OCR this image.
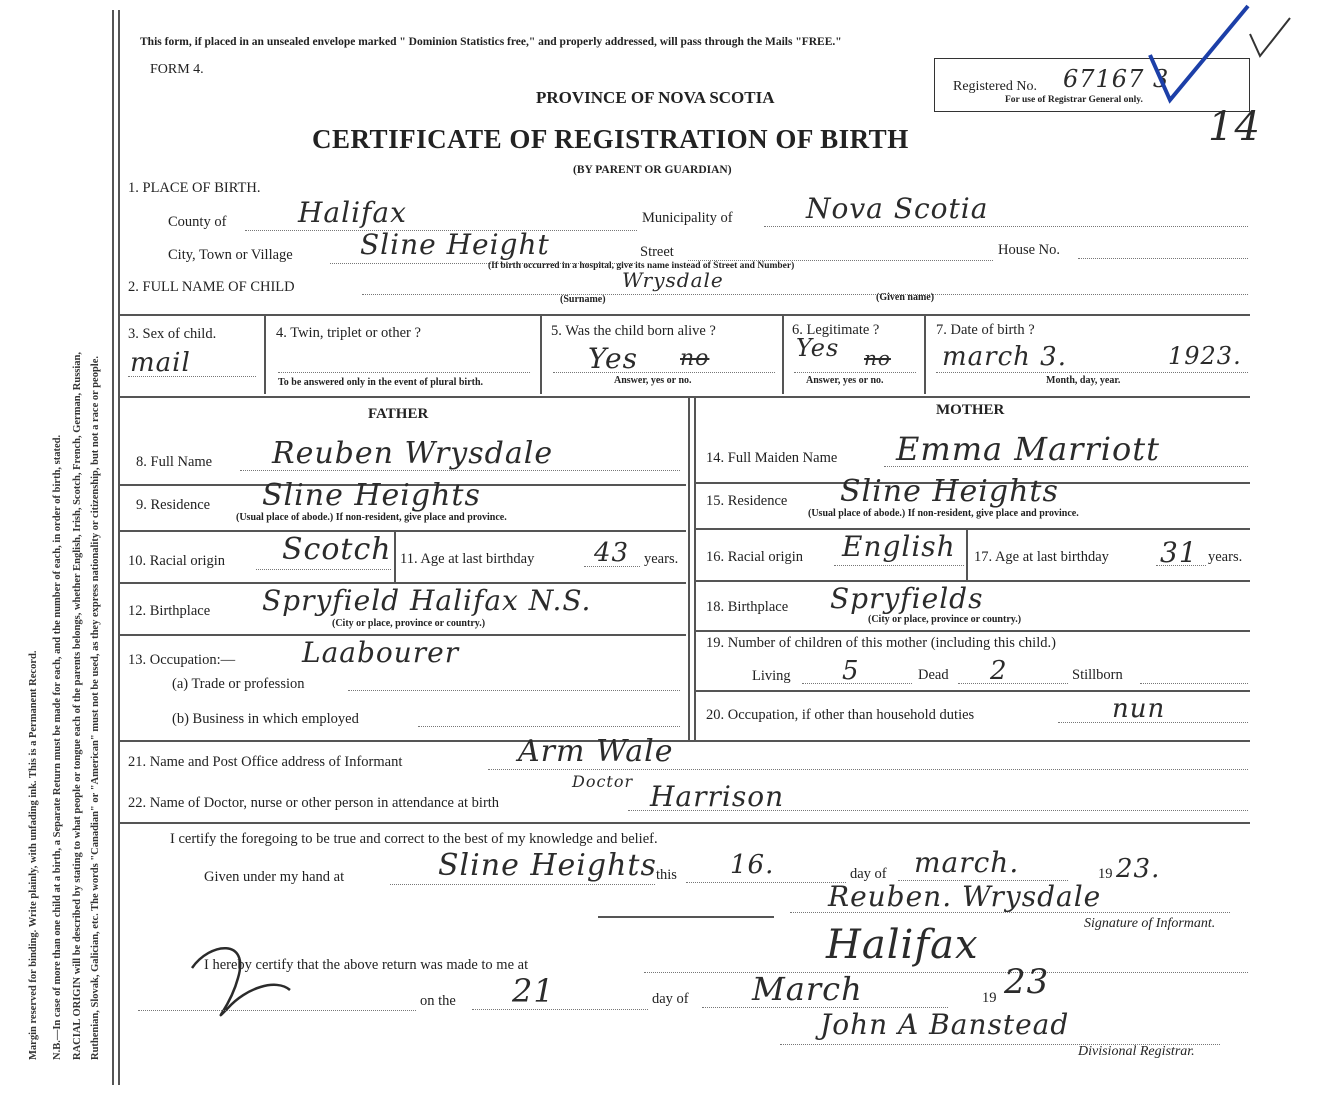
Margin reserved for binding. Write plainly, with unfading ink. This is a Permanent Record. N.B.—In case of more than one child at a birth, a Separate Return must be made for each, and the number of each, in order of birth, stated. RACIAL ORIGIN will be described by stating to what people or tongue each of the parents belongs, whether English, Irish, Scotch, French, German, Russian, Ruthenian, Slovak, Galician, etc. The words "Canadian" or "American" must not be used, as they express nationality or citizenship, but not a race or people.
This form, if placed in an unsealed envelope marked " Dominion Statistics free," and properly addressed, will pass through the Mails "FREE."
FORM 4.
PROVINCE OF NOVA SCOTIA
CERTIFICATE OF REGISTRATION OF BIRTH
(BY PARENT OR GUARDIAN)
Registered No. 67167 3
For use of Registrar General only.
14
1. PLACE OF BIRTH.
County of	Halifax	Municipality of	Nova Scotia
City, Town or Village Sline Height	Street	House No.
(If birth occurred in a hospital, give its name instead of Street and Number)
2. FULL NAME OF CHILD	Wrysdale
(Surname)	(Given name)
3. Sex of child.
mail
4. Twin, triplet or other ?
To be answered only in the event of plural birth.
5. Was the child born alive ?
Yes no
Answer, yes or no.
6. Legitimate ?
Yes no
Answer, yes or no.
7. Date of birth ?
march 3.	1923.
Month, day, year.
FATHER	MOTHER
8. Full Name Reuben Wrysdale
9. Residence Sline Heights
(Usual place of abode.) If non-resident, give place and province.
10. Racial origin Scotch 11. Age at last birthday 43 years.
12. Birthplace Spryfield Halifax N.S.
(City or place, province or country.)
13. Occupation:— Laabourer
(a) Trade or profession
(b) Business in which employed
14. Full Maiden Name Emma Marriott
15. Residence Sline Heights
(Usual place of abode.) If non-resident, give place and province.
16. Racial origin English 17. Age at last birthday 31 years.
18. Birthplace Spryfields
(City or place, province or country.)
19. Number of children of this mother (including this child.)
Living 5	Dead 2	Stillborn
20. Occupation, if other than household duties	nun
21. Name and Post Office address of Informant	Arm Wale
22. Name of Doctor, nurse or other person in attendance at birth
Doctor Harrison
I certify the foregoing to be true and correct to the best of my knowledge and belief.
Given under my hand at	Sline Heights this 16.	day of march.	19 23.
Reuben. Wrysdale
Signature of Informant.
I hereby certify that the above return was made to me at	Halifax
on the 21	day of March	19 23
John A Banstead
Divisional Registrar.
